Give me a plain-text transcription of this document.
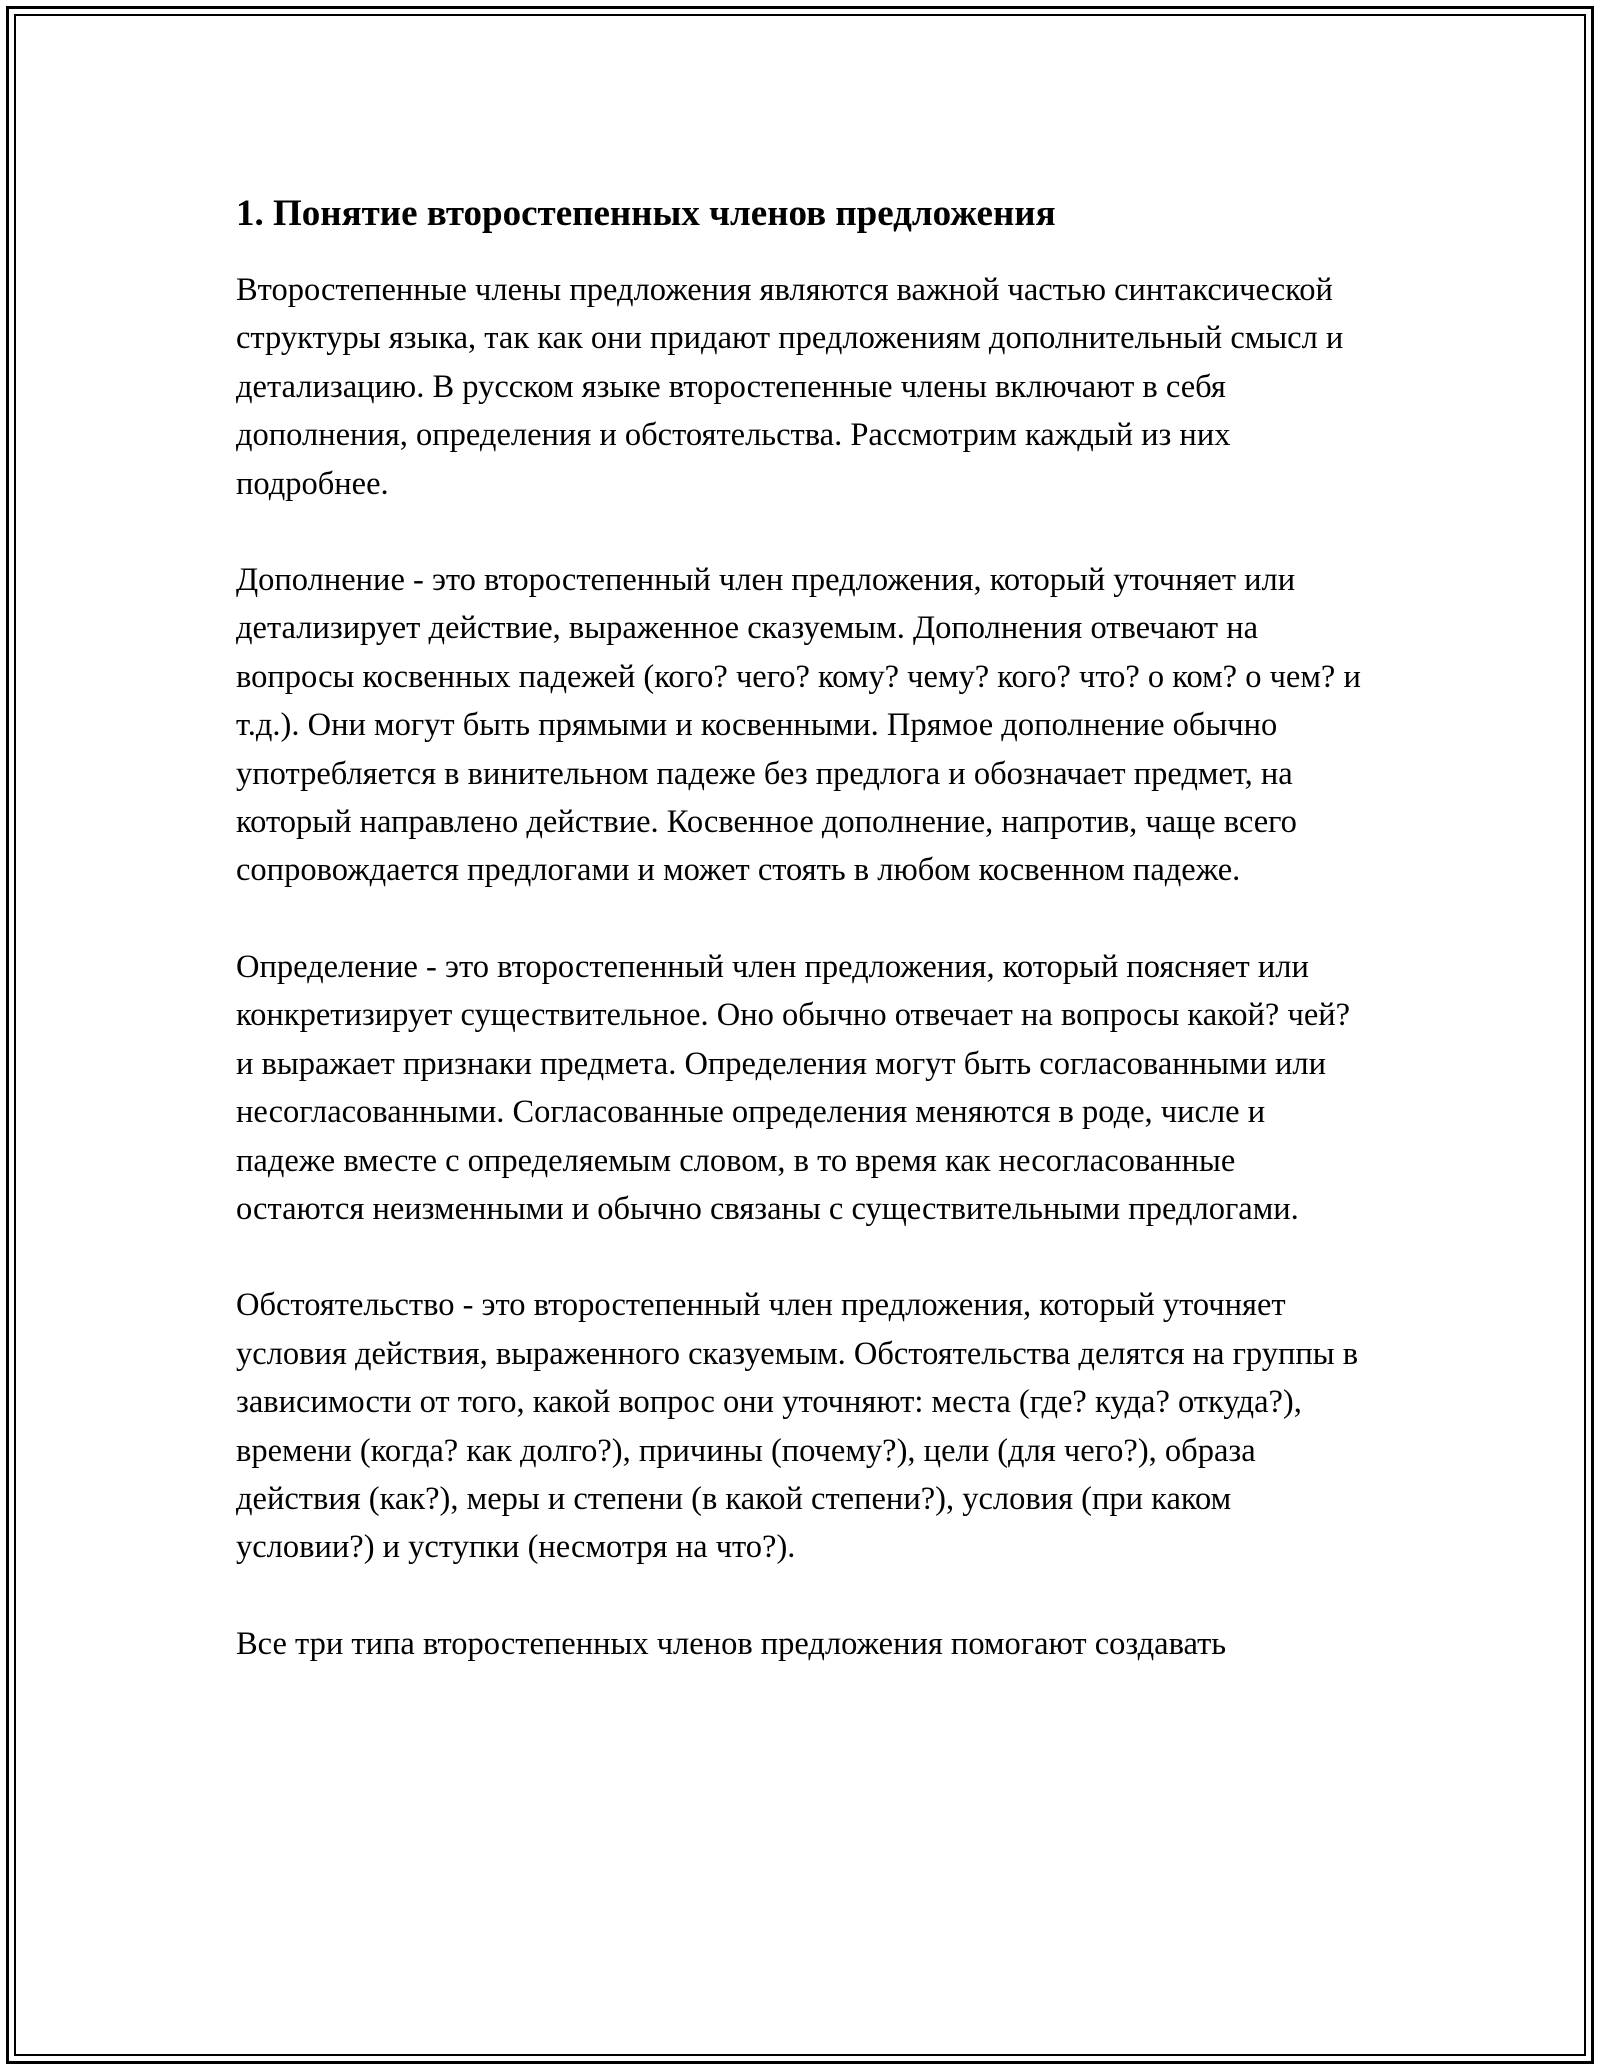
1. Понятие второстепенных членов предложения

Второстепенные члены предложения являются важной частью синтаксической структуры языка, так как они придают предложениям дополнительный смысл и детализацию. В русском языке второстепенные члены включают в себя дополнения, определения и обстоятельства. Рассмотрим каждый из них подробнее.

Дополнение - это второстепенный член предложения, который уточняет или детализирует действие, выраженное сказуемым. Дополнения отвечают на вопросы косвенных падежей (кого? чего? кому? чему? кого? что? о ком? о чем? и т.д.). Они могут быть прямыми и косвенными. Прямое дополнение обычно употребляется в винительном падеже без предлога и обозначает предмет, на который направлено действие. Косвенное дополнение, напротив, чаще всего сопровождается предлогами и может стоять в любом косвенном падеже.

Определение - это второстепенный член предложения, который поясняет или конкретизирует существительное. Оно обычно отвечает на вопросы какой? чей? и выражает признаки предмета. Определения могут быть согласованными или несогласованными. Согласованные определения меняются в роде, числе и падеже вместе с определяемым словом, в то время как несогласованные остаются неизменными и обычно связаны с существительными предлогами.

Обстоятельство - это второстепенный член предложения, который уточняет условия действия, выраженного сказуемым. Обстоятельства делятся на группы в зависимости от того, какой вопрос они уточняют: места (где? куда? откуда?), времени (когда? как долго?), причины (почему?), цели (для чего?), образа действия (как?), меры и степени (в какой степени?), условия (при каком условии?) и уступки (несмотря на что?).

Все три типа второстепенных членов предложения помогают создавать
